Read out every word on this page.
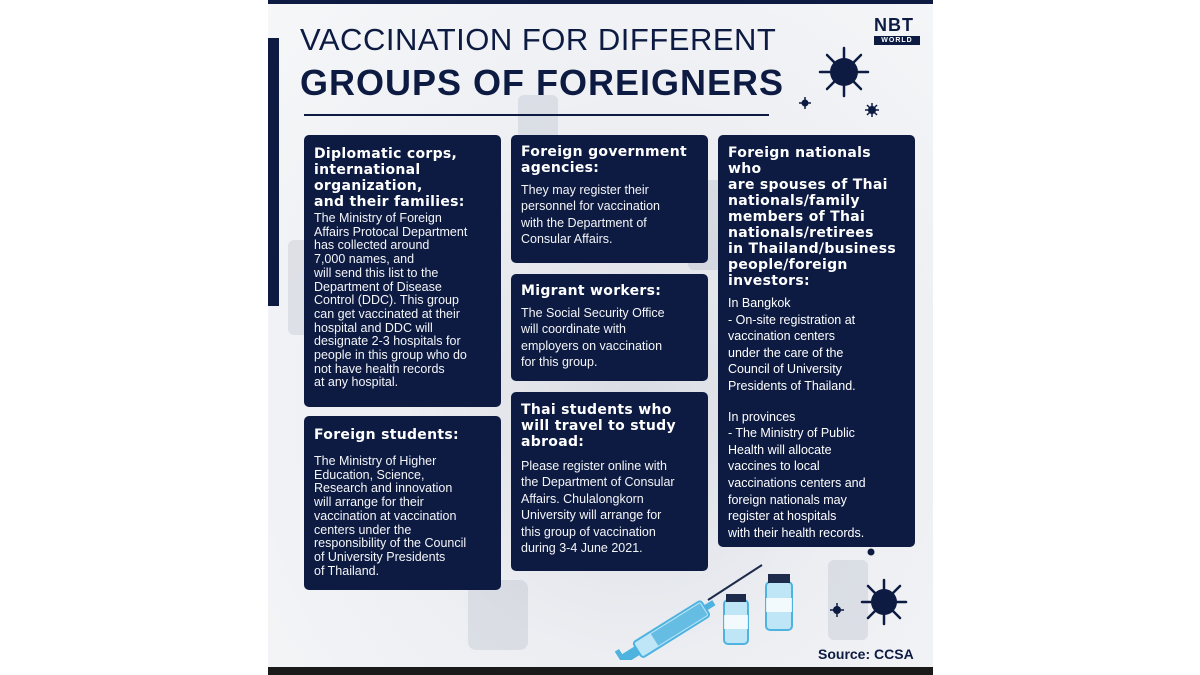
VACCINATION FOR DIFFERENT
GROUPS OF FOREIGNERS
NBT
WORLD
Diplomatic corps,
international
organization,
and their families:

The Ministry of Foreign
Affairs Protocal Department
has collected around
7,000 names, and
will send this list to the
Department of Disease
Control (DDC). This group
can get vaccinated at their
hospital and DDC will
designate 2-3 hospitals for
people in this group who do
not have health records
at any hospital.

Foreign students:

The Ministry of Higher
Education, Science,
Research and innovation
will arrange for their
vaccination at vaccination
centers under the
responsibility of the Council
of University Presidents
of Thailand.

Foreign government
agencies:

They may register their
personnel for vaccination
with the Department of
Consular Affairs.

Migrant workers:

The Social Security Office
will coordinate with
employers on vaccination
for this group.

Thai students who
will travel to study
abroad:

Please register online with
the Department of Consular
Affairs. Chulalongkorn
University will arrange for
this group of vaccination
during 3-4 June 2021.

Foreign nationals who
are spouses of Thai
nationals/family
members of Thai
nationals/retirees
in Thailand/business
people/foreign
investors:
In Bangkok
- On-site registration at
vaccination centers
under the care of the
Council of University
Presidents of Thailand.
In provinces
- The Ministry of Public
Health will allocate
vaccines to local
vaccinations centers and
foreign nationals may
register at hospitals
with their health records.
Source: CCSA
